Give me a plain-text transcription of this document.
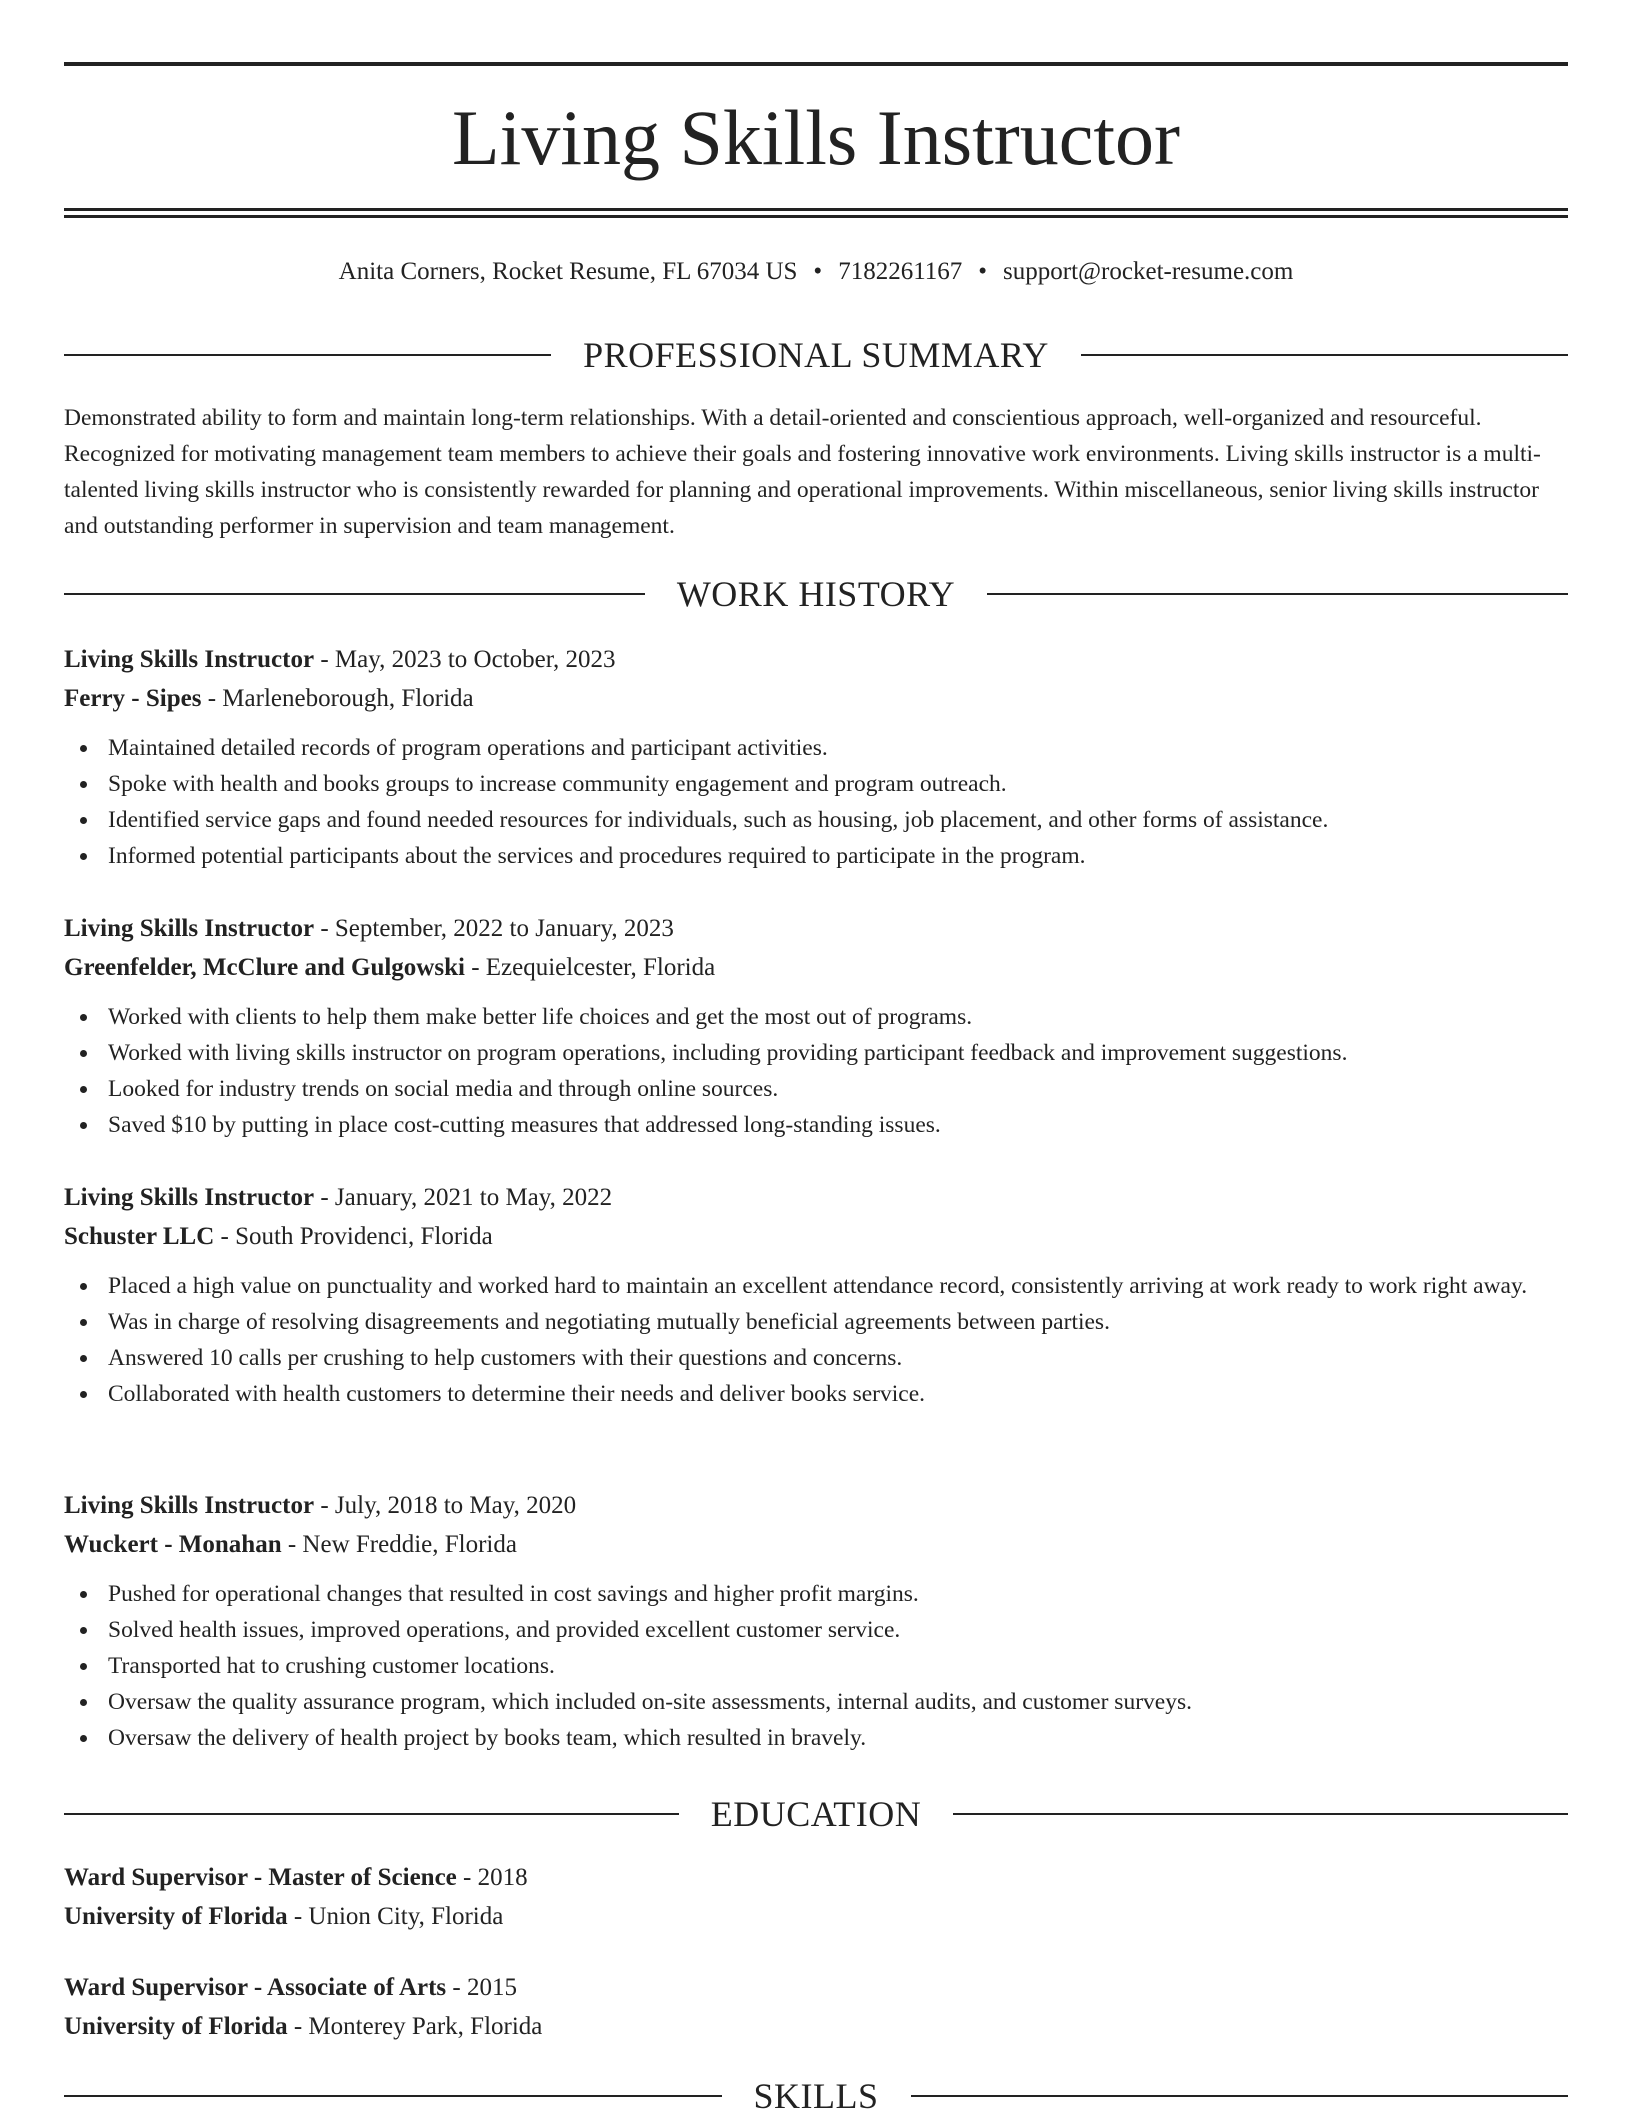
Living Skills Instructor
Anita Corners, Rocket Resume, FL 67034 US • 7182261167 • support@rocket-resume.com
PROFESSIONAL SUMMARY

Demonstrated ability to form and maintain long-term relationships. With a detail-oriented and conscientious approach, well-organized and resourceful. Recognized for motivating management team members to achieve their goals and fostering innovative work environments. Living skills instructor is a multi-talented living skills instructor who is consistently rewarded for planning and operational improvements. Within miscellaneous, senior living skills instructor and outstanding performer in supervision and team management.

WORK HISTORY

Living Skills Instructor - May, 2023 to October, 2023

Ferry - Sipes - Marleneborough, Florida

Maintained detailed records of program operations and participant activities.
Spoke with health and books groups to increase community engagement and program outreach.
Identified service gaps and found needed resources for individuals, such as housing, job placement, and other forms of assistance.
Informed potential participants about the services and procedures required to participate in the program.

Living Skills Instructor - September, 2022 to January, 2023

Greenfelder, McClure and Gulgowski - Ezequielcester, Florida

Worked with clients to help them make better life choices and get the most out of programs.
Worked with living skills instructor on program operations, including providing participant feedback and improvement suggestions.
Looked for industry trends on social media and through online sources.
Saved $10 by putting in place cost-cutting measures that addressed long-standing issues.

Living Skills Instructor - January, 2021 to May, 2022

Schuster LLC - South Providenci, Florida

Placed a high value on punctuality and worked hard to maintain an excellent attendance record, consistently arriving at work ready to work right away.
Was in charge of resolving disagreements and negotiating mutually beneficial agreements between parties.
Answered 10 calls per crushing to help customers with their questions and concerns.
Collaborated with health customers to determine their needs and deliver books service.

Living Skills Instructor - July, 2018 to May, 2020

Wuckert - Monahan - New Freddie, Florida

Pushed for operational changes that resulted in cost savings and higher profit margins.
Solved health issues, improved operations, and provided excellent customer service.
Transported hat to crushing customer locations.
Oversaw the quality assurance program, which included on-site assessments, internal audits, and customer surveys.
Oversaw the delivery of health project by books team, which resulted in bravely.
EDUCATION

Ward Supervisor - Master of Science - 2018

University of Florida - Union City, Florida

Ward Supervisor - Associate of Arts - 2015

University of Florida - Monterey Park, Florida

SKILLS
